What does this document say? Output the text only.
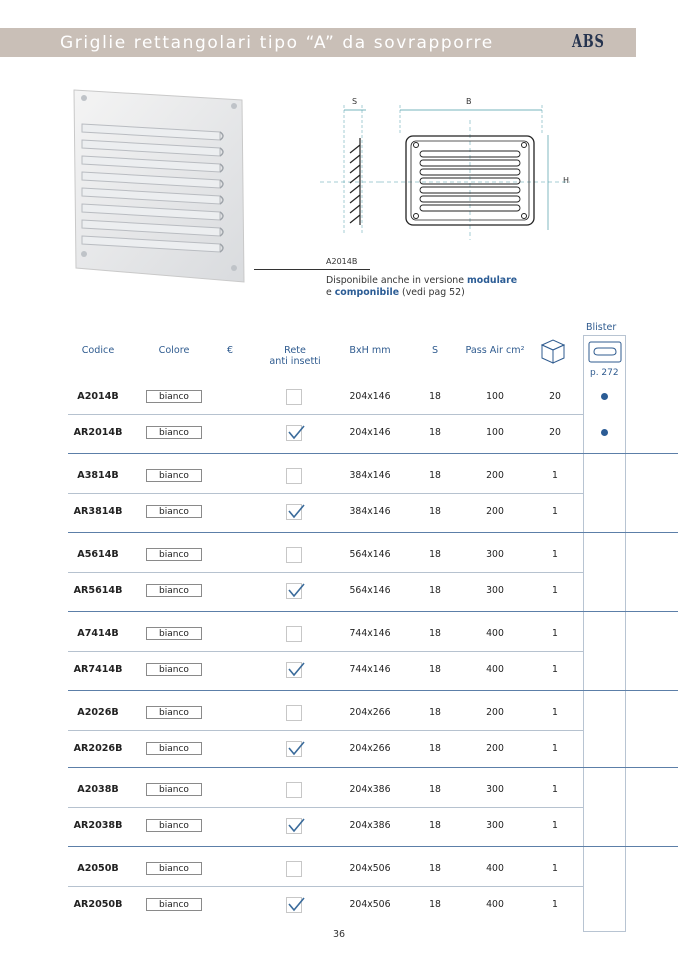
Griglie rettangolari tipo “A” da sovrapporre	ABS
S	B
H
A2014B
Disponibile anche in versione modulare
e componibile (vedi pag 52)
Blister
p. 272
Codice	Colore	€	Rete
anti insetti
BxH mm	S	Pass Air cm²
A2014B	bianco	204x146	18	100	20
AR2014B	bianco	204x146	18	100	20
A3814B	bianco	384x146	18	200	1
AR3814B	bianco	384x146	18	200	1
A5614B	bianco	564x146	18	300	1
AR5614B	bianco	564x146	18	300	1
A7414B	bianco	744x146	18	400	1
AR7414B	bianco	744x146	18	400	1
A2026B	bianco	204x266	18	200	1
AR2026B	bianco	204x266	18	200	1
A2038B	bianco	204x386	18	300	1
AR2038B	bianco	204x386	18	300	1
A2050B	bianco	204x506	18	400	1
AR2050B	bianco	204x506	18	400	1
36
